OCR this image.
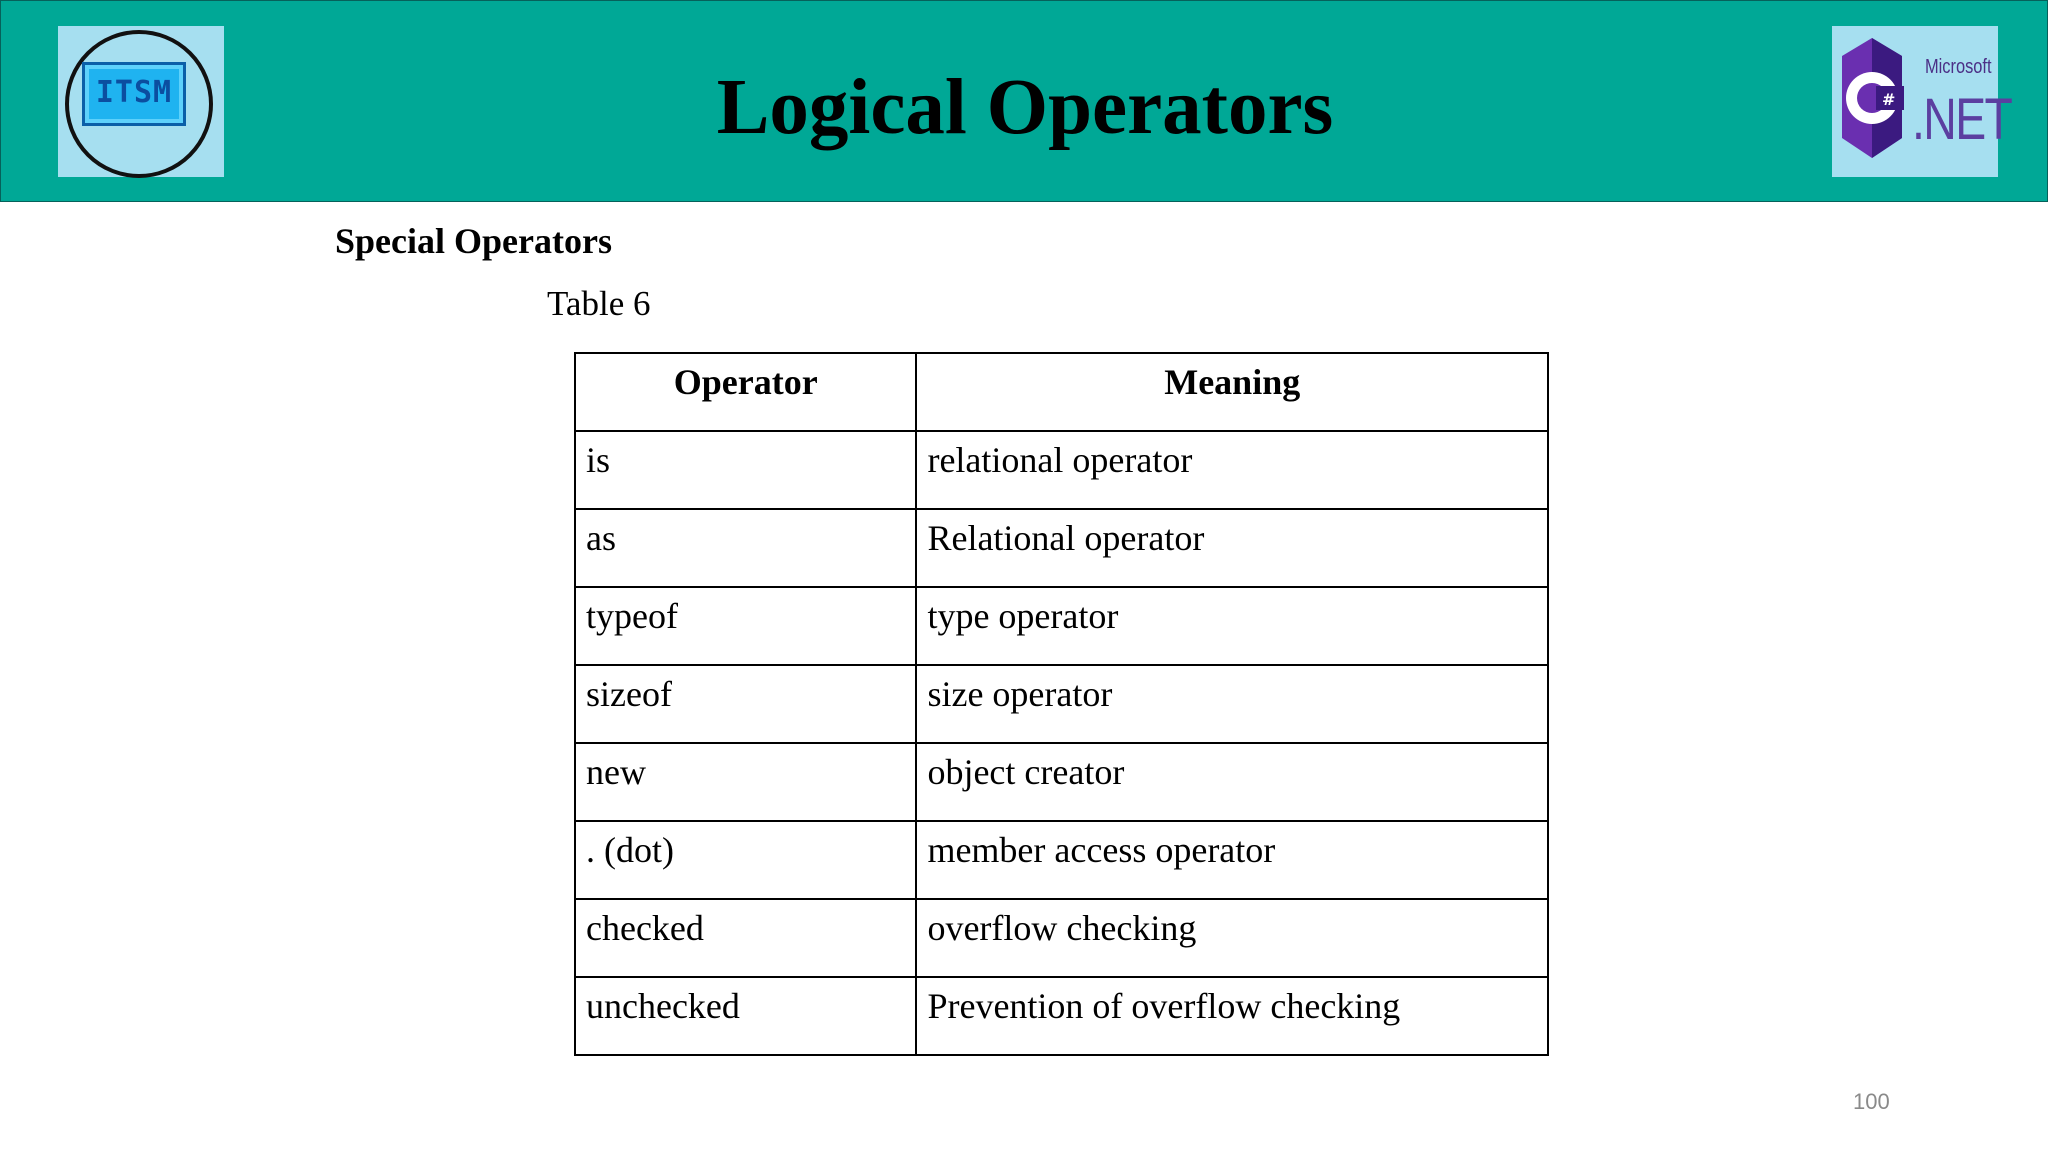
ITSM	Logical Operators	#
Microsoft
.NET
Special Operators
Table 6
Operator	Meaning
is	relational operator
as	Relational operator
typeof	type operator
sizeof	size operator
new	object creator
. (dot)	member access operator
checked	overflow checking
unchecked	Prevention of overflow checking
100
